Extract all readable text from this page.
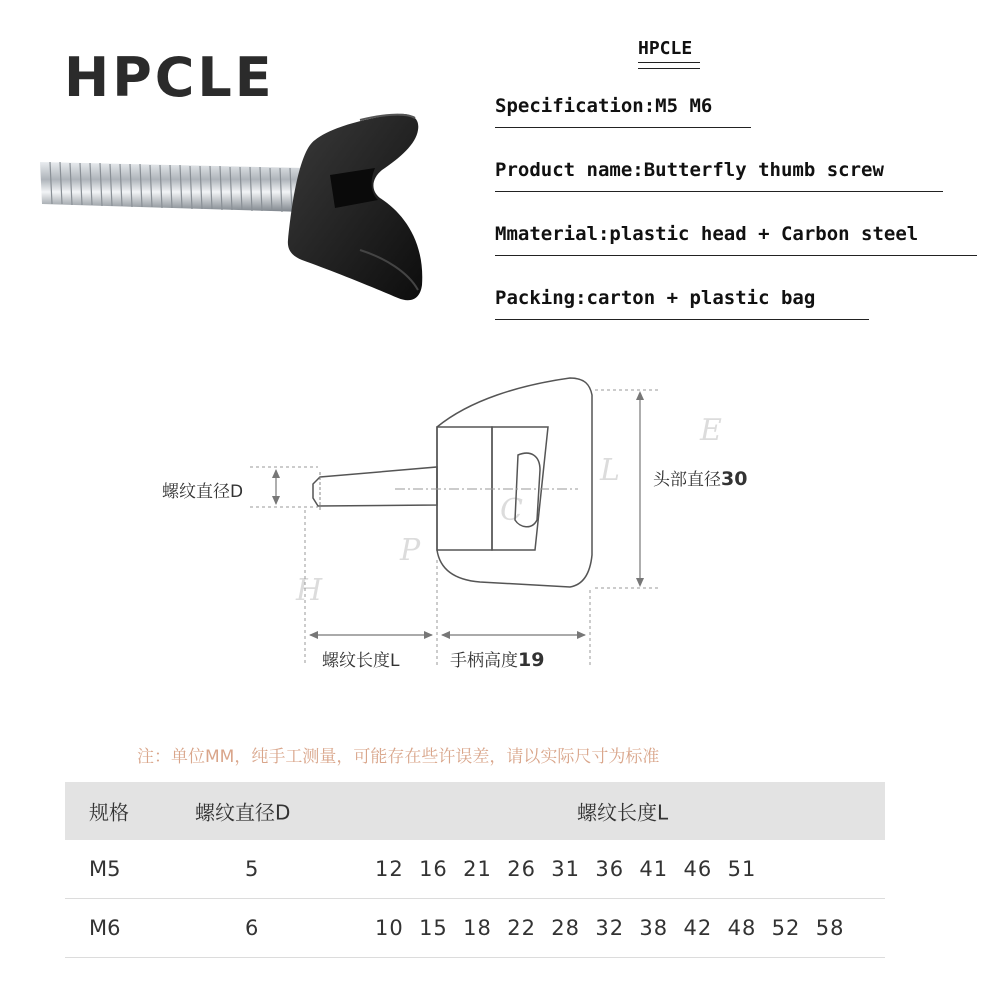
HPCLE	HPCLE
Specification:M5 M6
Product name:Butterfly thumb screw
Mmaterial:plastic head + Carbon steel
Packing:carton + plastic bag
H
P
C
L
E
螺纹直径D
头部直径30
螺纹长度L	手柄高度19
注：单位MM，纯手工测量，可能存在些许误差，请以实际尺寸为标准
规格	螺纹直径D	螺纹长度L
M5	5	12  16  21  26  31  36  41  46  51
M6	6	10  15  18  22  28  32  38  42  48  52  58
